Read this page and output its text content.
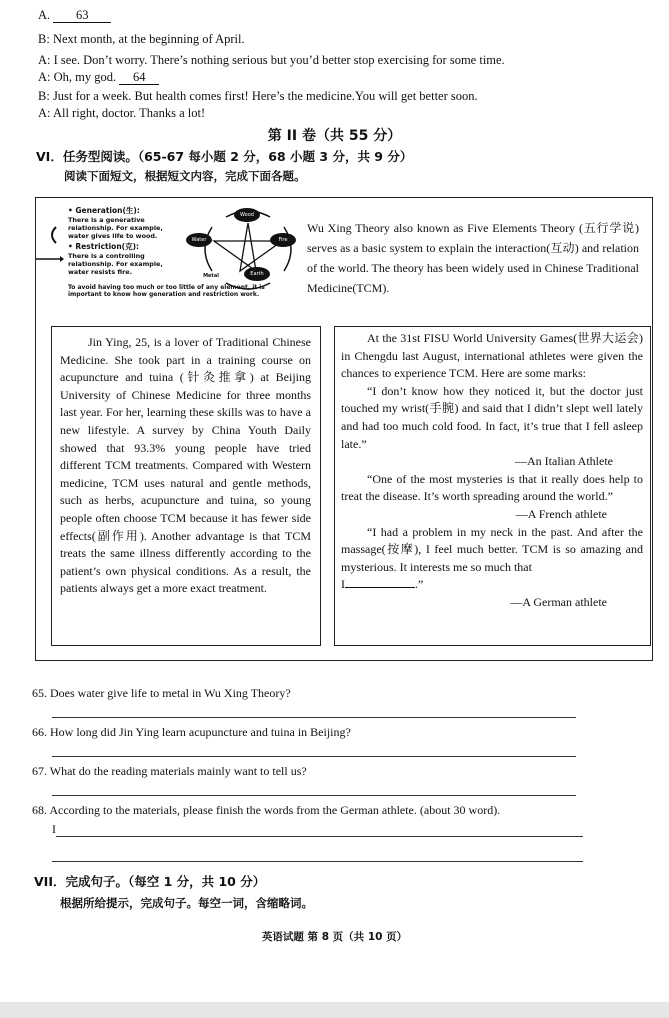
A. 63
B: Next month, at the beginning of April.
A: I see. Don’t worry. There’s nothing serious but you’d better stop exercising for some time.
A: Oh, my god. 64
B: Just for a week. But health comes first! Here’s the medicine.You will get better soon.
A: All right, doctor. Thanks a lot!
第 II 卷（共 55 分）
VI．任务型阅读。（65-67 每小题 2 分，68 小题 3 分，共 9 分）
阅读下面短文，根据短文内容，完成下面各题。
• Generation(生):
There is a generative
relationship. For example,
water gives life to wood.
• Restriction(克):
There is a controlling
relationship. For example,
water resists fire.
To avoid having too much or too little of any element, it is
important to know how generation and restriction work.
Wood
Fire
Earth
Metal
Water
Wu Xing Theory also known as Five Elements Theory (五行学说) serves as a basic system to explain the interaction(互动) and relation of the world. The theory has been widely used in Chinese Traditional Medicine(TCM).
Jin Ying, 25, is a lover of Traditional Chinese Medicine. She took part in a training course on acupuncture and tuina (针灸推拿) at Beijing University of Chinese Medicine for three months last year. For her, learning these skills was to have a new lifestyle. A survey by China Youth Daily showed that 93.3% young people have tried different TCM treatments. Compared with Western medicine, TCM uses natural and gentle methods, such as herbs, acupuncture and tuina, so young people often choose TCM because it has fewer side effects(副作用). Another advantage is that TCM treats the same illness differently according to the patient’s own physical conditions. As a result, the patients always get a more exact treatment.
At the 31st FISU World University Games(世界大运会) in Chengdu last August, international athletes were given the chances to experience TCM. Here are some marks:
“I don’t know how they noticed it, but the doctor just touched my wrist(手腕) and said that I didn’t slept well lately and had too much cold food. In fact, it’s true that I fell asleep late.”
—An Italian Athlete
“One of the most mysteries is that it really does help to treat the disease. It’s worth spreading around the world.”
—A French athlete
“I had a problem in my neck in the past. And after the massage(按摩), I feel much better. TCM is so amazing and mysterious. It interests me so much that
I	.”
—A German athlete
65. Does water give life to metal in Wu Xing Theory?
66. How long did Jin Ying learn acupuncture and tuina in Beijing?
67. What do the reading materials mainly want to tell us?
68. According to the materials, please finish the words from the German athlete. (about 30 word).
I
VII．完成句子。（每空 1 分，共 10 分）
根据所给提示，完成句子。每空一词，含缩略词。
英语试题 第 8 页（共 10 页）
